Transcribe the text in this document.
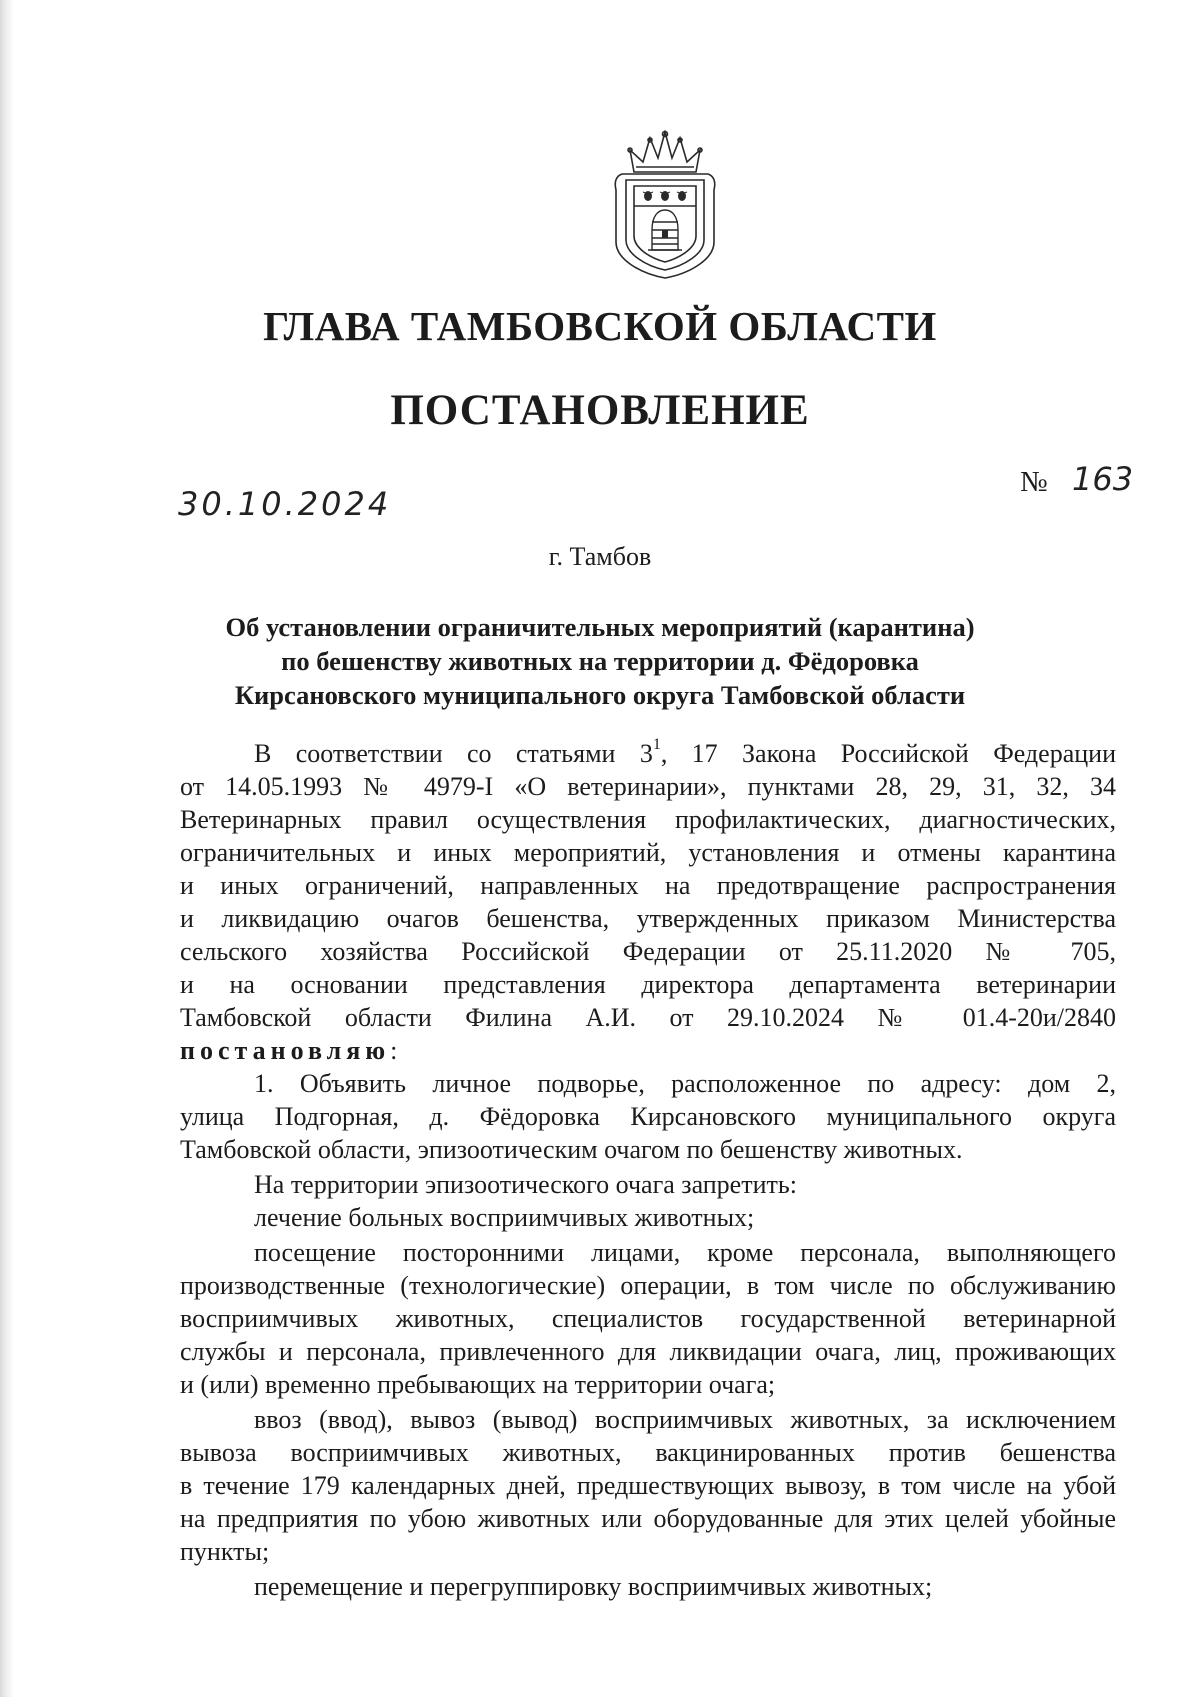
ГЛАВА ТАМБОВСКОЙ ОБЛАСТИ
ПОСТАНОВЛЕНИЕ
30.10.2024
№ 163
г. Тамбов
Об установлении ограничительных мероприятий (карантина)
по бешенству животных на территории д. Фёдоровка
Кирсановского муниципального округа Тамбовской области
В соответствии со статьями $3^1$, 17 Закона Российской Федерации
от 14.05.1993 № 4979-I «О ветеринарии», пунктами 28, 29, 31, 32, 34
Ветеринарных правил осуществления профилактических, диагностических,
ограничительных и иных мероприятий, установления и отмены карантина
и иных ограничений, направленных на предотвращение распространения
и ликвидацию очагов бешенства, утвержденных приказом Министерства
сельского хозяйства Российской Федерации от 25.11.2020 № 705,
и на основании представления директора департамента ветеринарии
Тамбовской области Филина А.И. от 29.10.2024 № 01.4-20и/2840
постановляю:
1. Объявить личное подворье, расположенное по адресу: дом 2,
улица Подгорная, д. Фёдоровка Кирсановского муниципального округа
Тамбовской области, эпизоотическим очагом по бешенству животных.
На территории эпизоотического очага запретить:
лечение больных восприимчивых животных;
посещение посторонними лицами, кроме персонала, выполняющего
производственные (технологические) операции, в том числе по обслуживанию
восприимчивых животных, специалистов государственной ветеринарной
службы и персонала, привлеченного для ликвидации очага, лиц, проживающих
и (или) временно пребывающих на территории очага;
ввоз (ввод), вывоз (вывод) восприимчивых животных, за исключением
вывоза восприимчивых животных, вакцинированных против бешенства
в течение 179 календарных дней, предшествующих вывозу, в том числе на убой
на предприятия по убою животных или оборудованные для этих целей убойные
пункты;
перемещение и перегруппировку восприимчивых животных;
